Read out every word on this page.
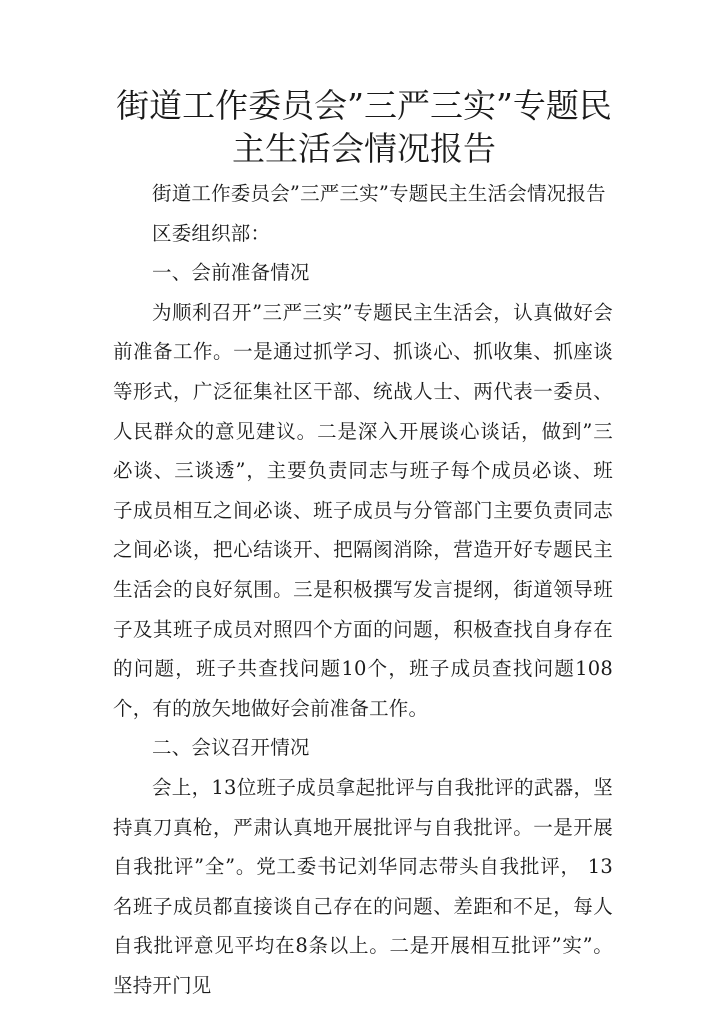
街道工作委员会”三严三实”专题民主生活会情况报告

街道工作委员会”三严三实”专题民主生活会情况报告

区委组织部：

一、会前准备情况

为顺利召开”三严三实”专题民主生活会，认真做好会前准备工作。一是通过抓学习、抓谈心、抓收集、抓座谈等形式，广泛征集社区干部、统战人士、两代表一委员、人民群众的意见建议。二是深入开展谈心谈话，做到”三必谈、三谈透”，主要负责同志与班子每个成员必谈、班子成员相互之间必谈、班子成员与分管部门主要负责同志之间必谈，把心结谈开、把隔阂消除，营造开好专题民主生活会的良好氛围。三是积极撰写发言提纲，街道领导班子及其班子成员对照四个方面的问题，积极查找自身存在的问题，班子共查找问题10个，班子成员查找问题108个，有的放矢地做好会前准备工作。

二、会议召开情况

会上，13位班子成员拿起批评与自我批评的武器，坚持真刀真枪，严肃认真地开展批评与自我批评。一是开展自我批评”全”。党工委书记刘华同志带头自我批评， 13名班子成员都直接谈自己存在的问题、差距和不足，每人自我批评意见平均在8条以上。二是开展相互批评”实”。坚持开门见
